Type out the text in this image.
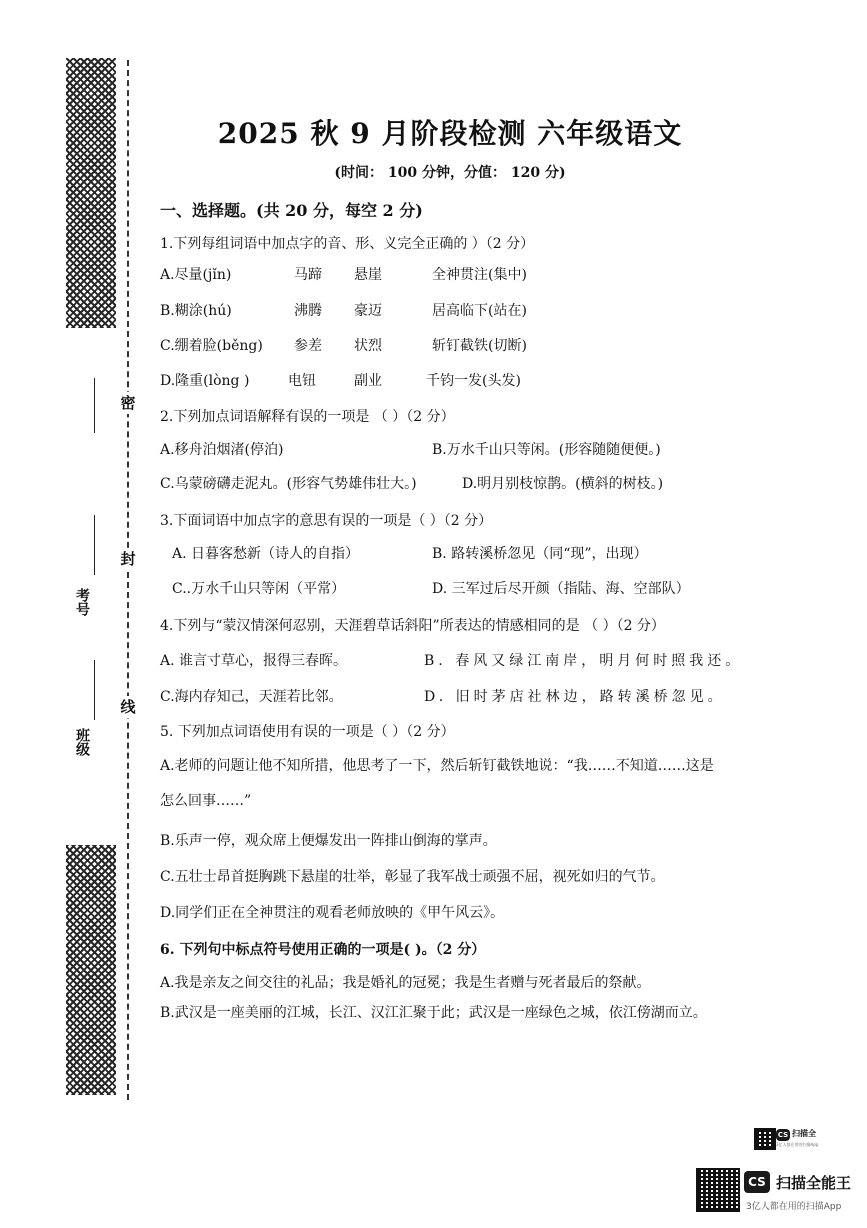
密
封
线
考号
班级
2025 秋 9 月阶段检测 六年级语文
(时间： 100 分钟，分值： 120 分)
一、选择题。(共 20 分，每空 2 分)
1.下列每组词语中加点字的音、形、义完全正确的 ）（2 分）
A.尽量(jǐn)	马蹄 悬崖	全神贯注(集中)
B.糊涂(hú)	沸腾 豪迈	居高临下(站在)
C.绷着脸(běng) 参差 状烈	斩钉截铁(切断)
D.隆重(lòng )	电钮	副业	千钧一发(头发)
2.下列加点词语解释有误的一项是 （ ）（2 分）
A.移舟泊烟渚(停泊)	B.万水千山只等闲。(形容随随便便。)
C.乌蒙磅礴走泥丸。(形容气势雄伟壮大。)	D.明月别枝惊鹊。(横斜的树枝。)
3.下面词语中加点字的意思有误的一项是（ ）（2 分）
A. 日暮客愁新（诗人的自指）	B. 路转溪桥忽见（同“现”，出现）
C..万水千山只等闲（平常）	D. 三军过后尽开颜（指陆、海、空部队）
4.下列与“蒙汉情深何忍别，天涯碧草话斜阳”所表达的情感相同的是 （ ）（2 分）
A. 谁言寸草心，报得三春晖。	B. 春风又绿江南岸，明月何时照我还。
C.海内存知己，天涯若比邻。	D. 旧时茅店社林边，路转溪桥忽见。
5. 下列加点词语使用有误的一项是（ ）（2 分）
A.老师的问题让他不知所措，他思考了一下，然后斩钉截铁地说：“我……不知道……这是
怎么回事……”
B.乐声一停，观众席上便爆发出一阵排山倒海的掌声。
C.五壮士昂首挺胸跳下悬崖的壮举，彰显了我军战士顽强不屈，视死如归的气节。
D.同学们正在全神贯注的观看老师放映的《甲午风云》。
6. 下列句中标点符号使用正确的一项是( )。（2 分）
A.我是亲友之间交往的礼品；我是婚礼的冠冕；我是生者赠与死者最后的祭献。
B.武汉是一座美丽的江城，长江、汉江汇聚于此；武汉是一座绿色之城，依江傍湖而立。
CS 扫描全
3亿人都在用的扫描App
CS 扫描全能王
3亿人都在用的扫描App
